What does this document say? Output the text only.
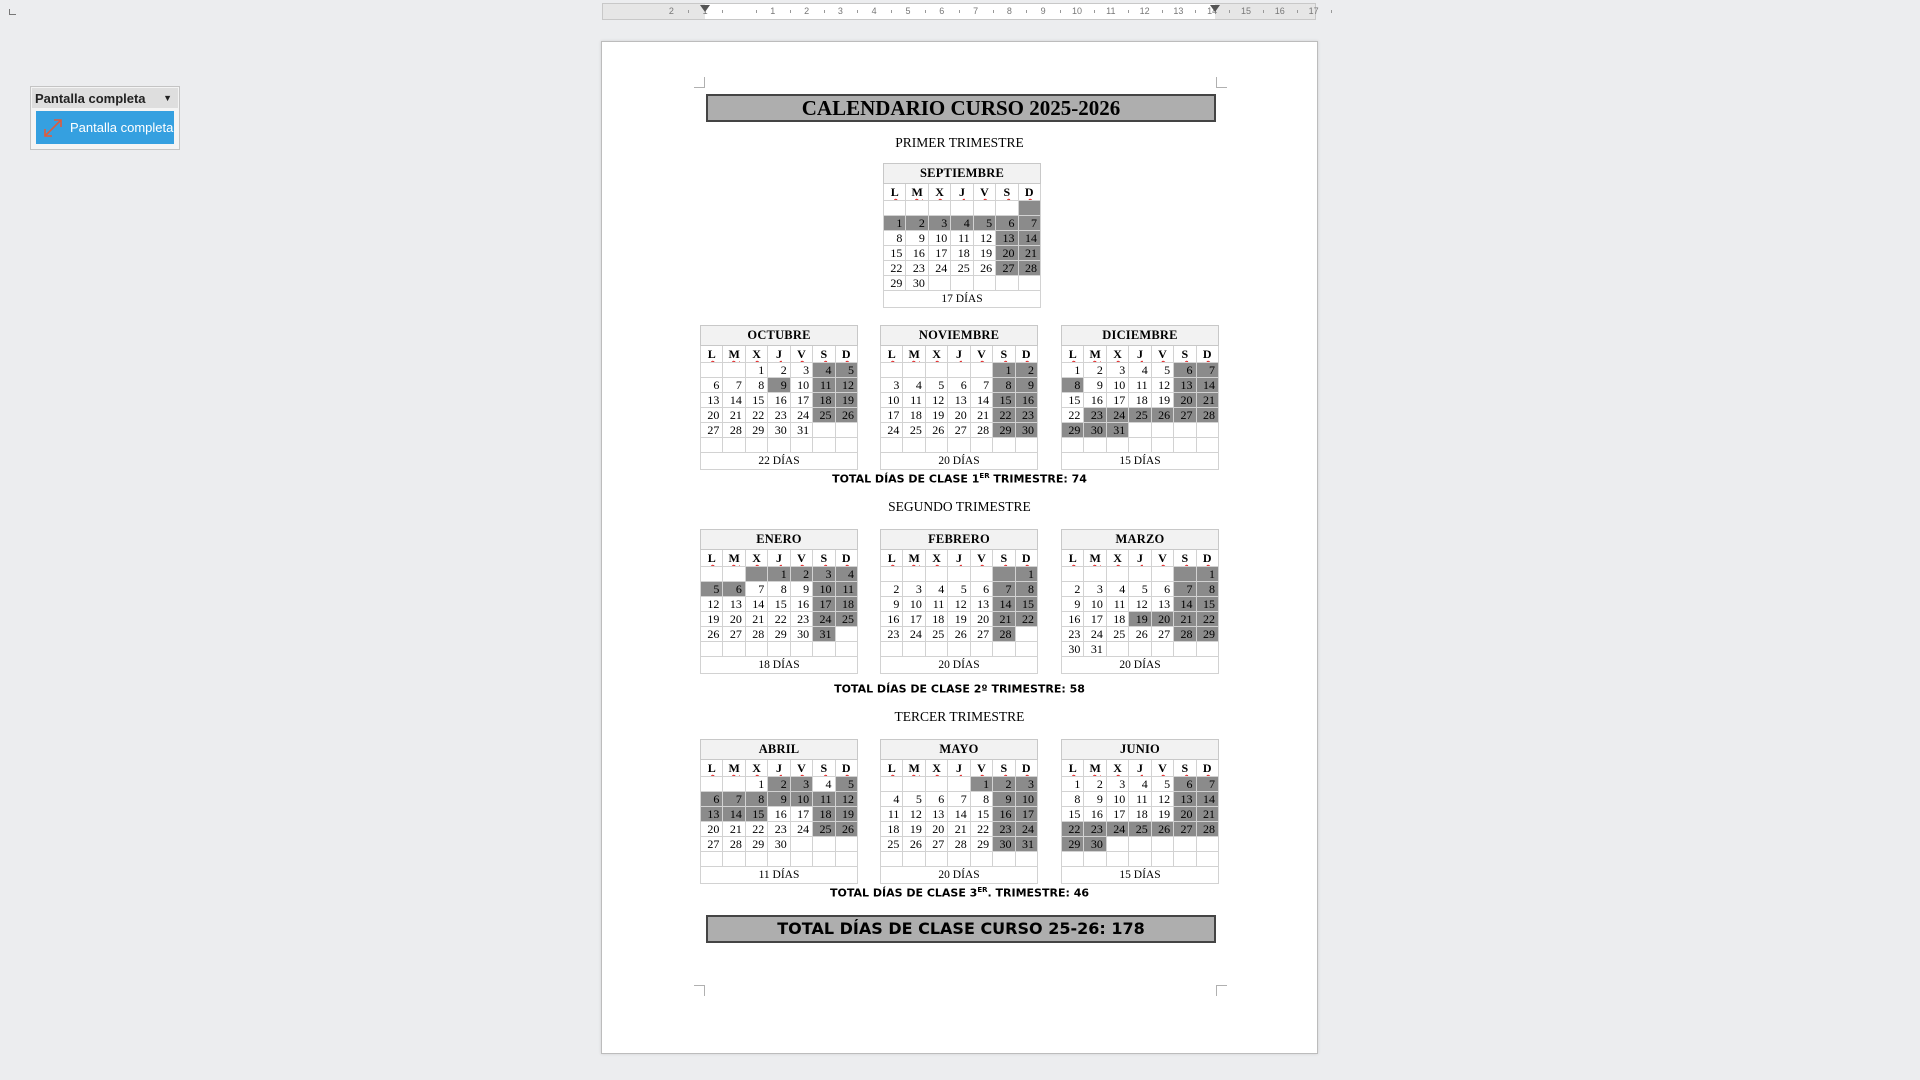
2	1	1	2	3	4	5	6	7	8	9	10	11	12	13	14	15	16	17
Pantalla completa ▼
Pantalla completa
CALENDARIO CURSO 2025-2026
PRIMER TRIMESTRE
SEGUNDO TRIMESTRE
TERCER TRIMESTRE
TOTAL DÍAS DE CLASE 1ER TRIMESTRE: 74
TOTAL DÍAS DE CLASE 2º TRIMESTRE: 58
TOTAL DÍAS DE CLASE 3ER. TRIMESTRE: 46
TOTAL DÍAS DE CLASE CURSO 25-26: 178
SEPTIEMBRE						
L	M	X	J	V	S	D

1	2	3	4	5	6	7
8	9	10	11	12	13	14
15	16	17	18	19	20	21
22	23	24	25	26	27	28
29	30					
17 DÍAS						
OCTUBRE						
L	M	X	J	V	S	D
		1	2	3	4	5
6	7	8	9	10	11	12
13	14	15	16	17	18	19
20	21	22	23	24	25	26
27	28	29	30	31		

22 DÍAS						
NOVIEMBRE						
L	M	X	J	V	S	D
					1	2
3	4	5	6	7	8	9
10	11	12	13	14	15	16
17	18	19	20	21	22	23
24	25	26	27	28	29	30

20 DÍAS						
DICIEMBRE						
L	M	X	J	V	S	D
1	2	3	4	5	6	7
8	9	10	11	12	13	14
15	16	17	18	19	20	21
22	23	24	25	26	27	28
29	30	31				

15 DÍAS						
ENERO						
L	M	X	J	V	S	D
			1	2	3	4
5	6	7	8	9	10	11
12	13	14	15	16	17	18
19	20	21	22	23	24	25
26	27	28	29	30	31	

18 DÍAS						
FEBRERO						
L	M	X	J	V	S	D
						1
2	3	4	5	6	7	8
9	10	11	12	13	14	15
16	17	18	19	20	21	22
23	24	25	26	27	28	

20 DÍAS						
MARZO						
L	M	X	J	V	S	D
						1
2	3	4	5	6	7	8
9	10	11	12	13	14	15
16	17	18	19	20	21	22
23	24	25	26	27	28	29
30	31					
20 DÍAS						
ABRIL						
L	M	X	J	V	S	D
		1	2	3	4	5
6	7	8	9	10	11	12
13	14	15	16	17	18	19
20	21	22	23	24	25	26
27	28	29	30			

11 DÍAS						
MAYO						
L	M	X	J	V	S	D
				1	2	3
4	5	6	7	8	9	10
11	12	13	14	15	16	17
18	19	20	21	22	23	24
25	26	27	28	29	30	31

20 DÍAS						
JUNIO						
L	M	X	J	V	S	D
1	2	3	4	5	6	7
8	9	10	11	12	13	14
15	16	17	18	19	20	21
22	23	24	25	26	27	28
29	30					

15 DÍAS						
